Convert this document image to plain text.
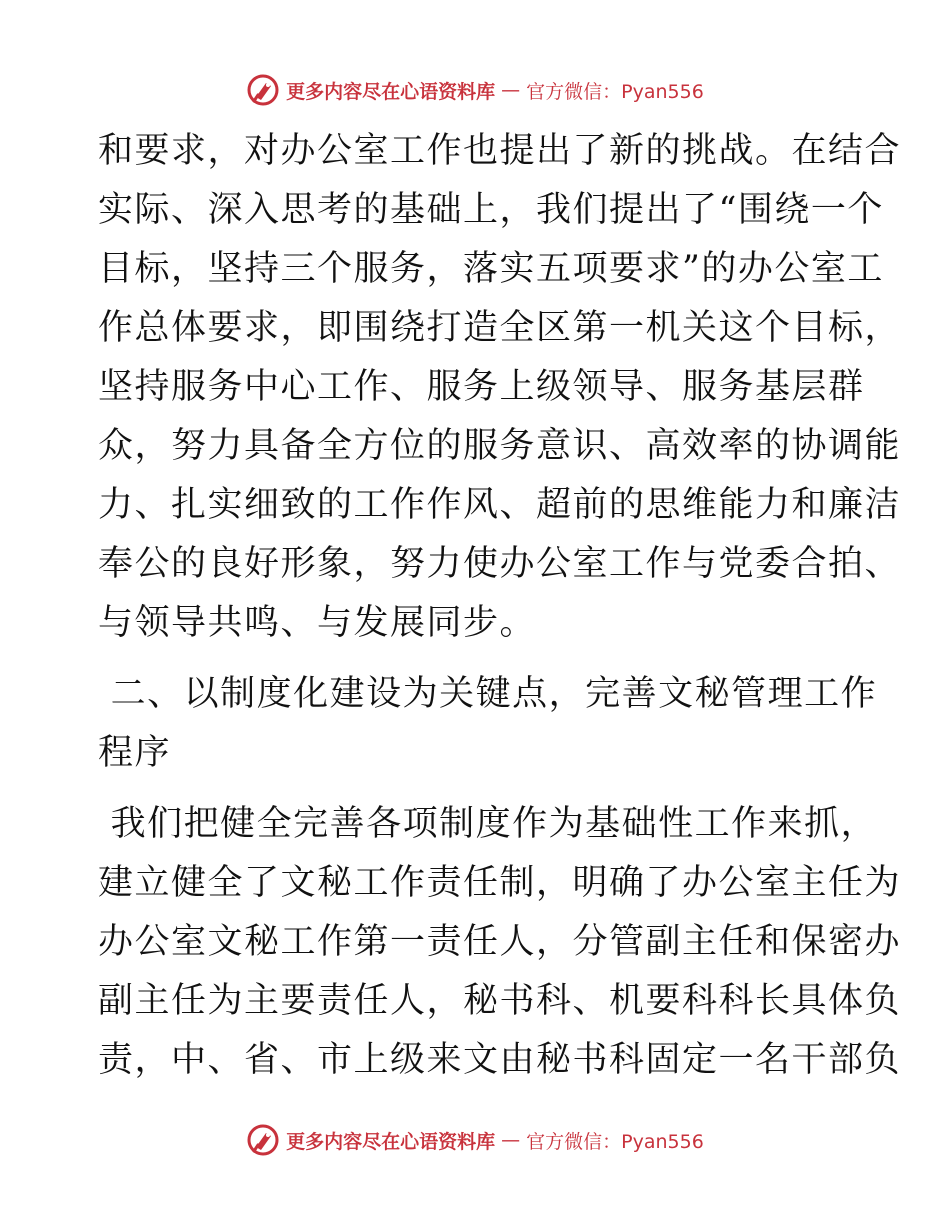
更多内容尽在心语资料库 — 官方微信：Pyan556
和要求，对办公室工作也提出了新的挑战。在结合
实际、深入思考的基础上，我们提出了“围绕一个
目标，坚持三个服务，落实五项要求”的办公室工
作总体要求，即围绕打造全区第一机关这个目标，
坚持服务中心工作、服务上级领导、服务基层群
众，努力具备全方位的服务意识、高效率的协调能
力、扎实细致的工作作风、超前的思维能力和廉洁
奉公的良好形象，努力使办公室工作与党委合拍、
与领导共鸣、与发展同步。
二、以制度化建设为关键点，完善文秘管理工作
程序
我们把健全完善各项制度作为基础性工作来抓，
建立健全了文秘工作责任制，明确了办公室主任为
办公室文秘工作第一责任人，分管副主任和保密办
副主任为主要责任人，秘书科、机要科科长具体负
责，中、省、市上级来文由秘书科固定一名干部负
更多内容尽在心语资料库 — 官方微信：Pyan556
